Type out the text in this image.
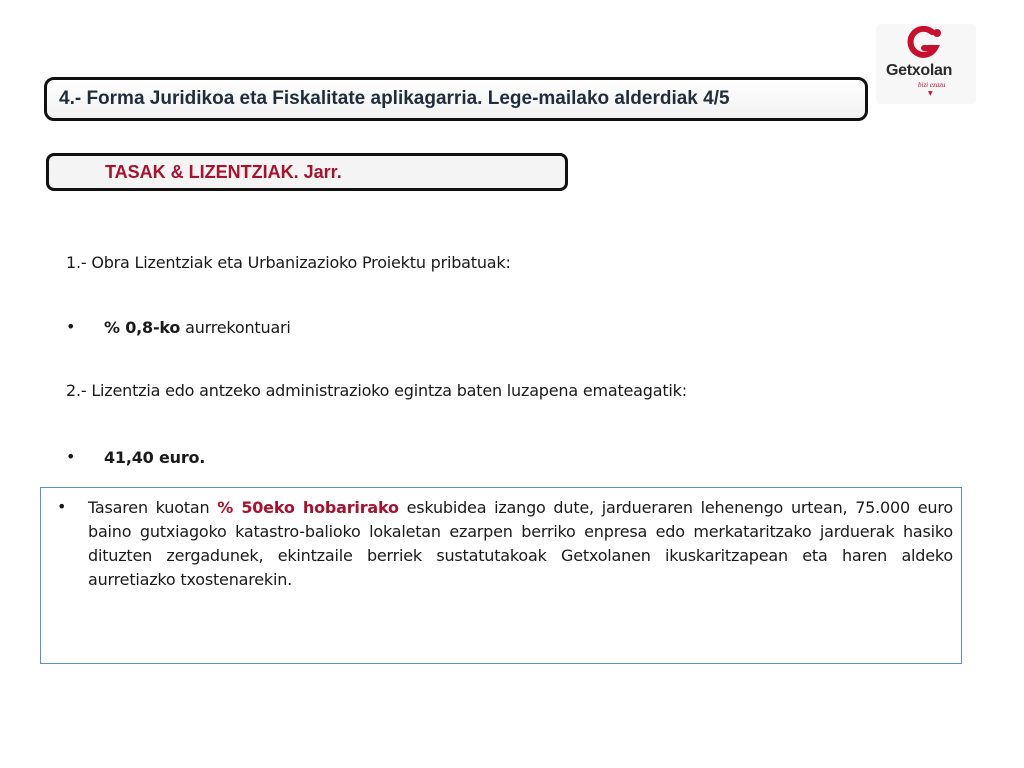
Getxolan
bizi ezazu
▼
4.- Forma Juridikoa eta Fiskalitate aplikagarria. Lege-mailako alderdiak 4/5
TASAK & LIZENTZIAK. Jarr.
1.- Obra Lizentziak eta Urbanizazioko Proiektu pribatuak:
• % 0,8-ko aurrekontuari
2.- Lizentzia edo antzeko administrazioko egintza baten luzapena emateagatik:
• 41,40 euro.
• Tasaren kuotan % 50eko hobarirako eskubidea izango dute, jardueraren lehenengo urtean, 75.000 euro baino gutxiagoko katastro-balioko lokaletan ezarpen berriko enpresa edo merkataritzako jarduerak hasiko dituzten zergadunek, ekintzaile berriek sustatutakoak Getxolanen ikuskaritzapean eta haren aldeko aurretiazko txostenarekin.
